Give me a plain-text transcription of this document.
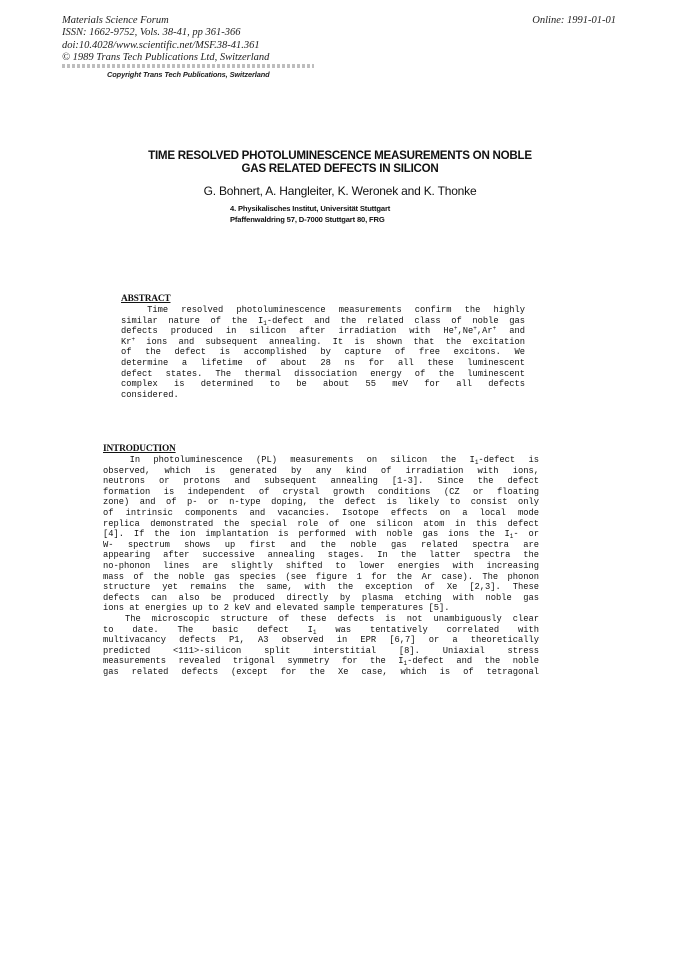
Materials Science Forum
ISSN: 1662-9752, Vols. 38-41, pp 361-366
doi:10.4028/www.scientific.net/MSF.38-41.361
© 1989 Trans Tech Publications Ltd, Switzerland
Online: 1991-01-01
Copyright Trans Tech Publications, Switzerland
TIME RESOLVED PHOTOLUMINESCENCE MEASUREMENTS ON NOBLE
GAS RELATED DEFECTS IN SILICON
G. Bohnert, A. Hangleiter, K. Weronek and K. Thonke
4. Physikalisches Institut, Universität Stuttgart
Pfaffenwaldring 57, D-7000 Stuttgart 80, FRG
ABSTRACT
Time resolved photoluminescence measurements confirm the highly
similar nature of the $I_1$-defect and the related class of noble gas
defects produced in silicon after irradiation with He+,Ne+,Ar+ and
Kr+ ions and subsequent annealing. It is shown that the excitation
of the defect is accomplished by capture of free excitons. We
determine a lifetime of about 28 ns for all these luminescent
defect states. The thermal dissociation energy of the luminescent
complex is determined to be about 55 meV for all defects
considered.
INTRODUCTION
In photoluminescence (PL) measurements on silicon the $I_1$-defect is
observed, which is generated by any kind of irradiation with ions,
neutrons or protons and subsequent annealing [1-3]. Since the defect
formation is independent of crystal growth conditions (CZ or floating
zone) and of p- or n-type doping, the defect is likely to consist only
of intrinsic components and vacancies. Isotope effects on a local mode
replica demonstrated the special role of one silicon atom in this defect
[4]. If the ion implantation is performed with noble gas ions the $I_1-$ or
W- spectrum shows up first and the noble gas related spectra are
appearing after successive annealing stages. In the latter spectra the
no-phonon lines are slightly shifted to lower energies with increasing
mass of the noble gas species (see figure 1 for the Ar case). The phonon
structure yet remains the same, with the exception of Xe [2,3]. These
defects can also be produced directly by plasma etching with noble gas
ions at energies up to 2 keV and elevated sample temperatures [5].
The microscopic structure of these defects is not unambiguously clear
to date. The basic defect $I_1$ was tentatively correlated with
multivacancy defects P1, A3 observed in EPR [6,7] or a theoretically
predicted <111>-silicon split interstitial [8]. Uniaxial stress
measurements revealed trigonal symmetry for the $I_1$-defect and the noble
gas related defects (except for the Xe case, which is of tetragonal
